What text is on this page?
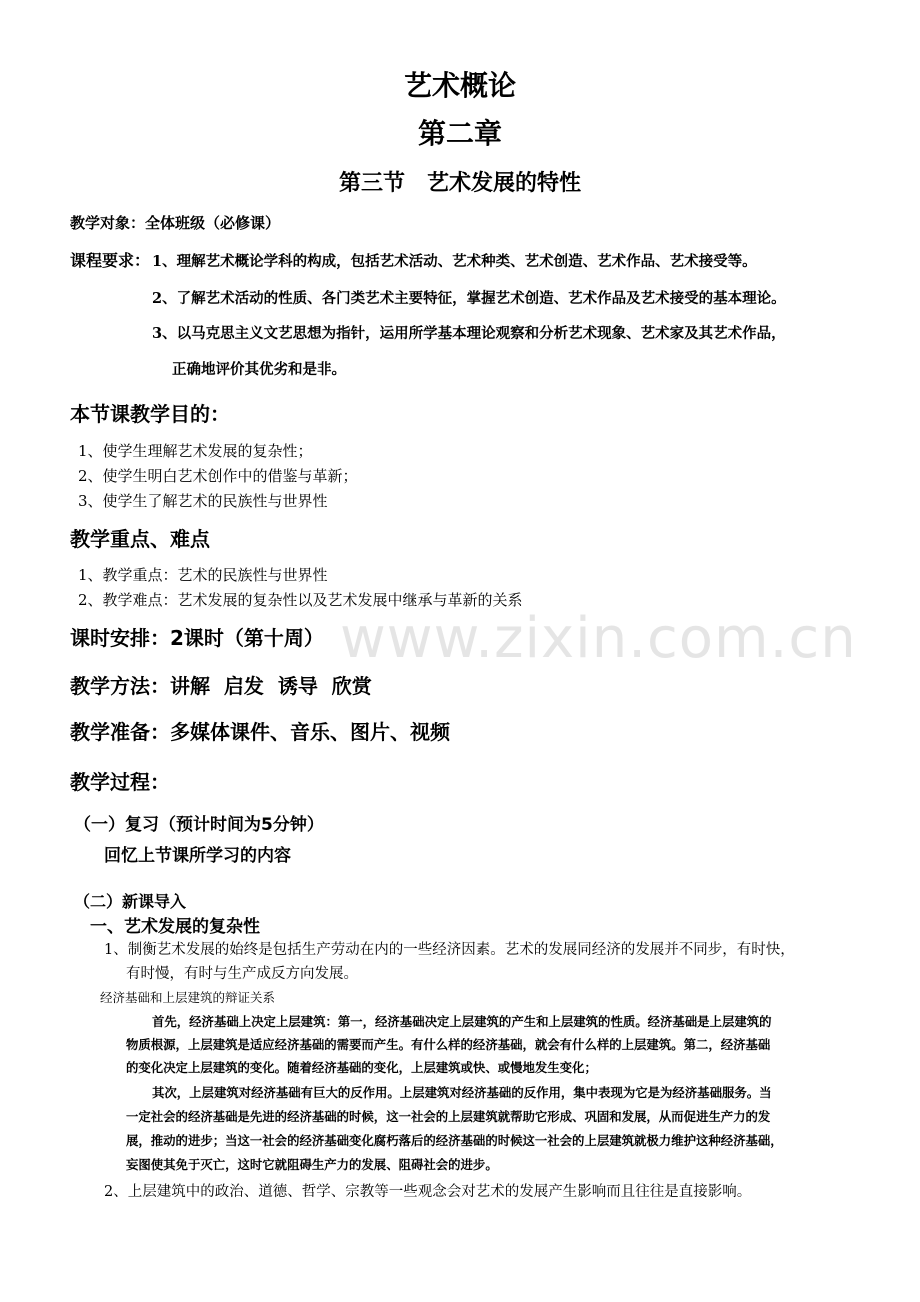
www.zixin.com.cn
艺术概论
第二章
第三节　艺术发展的特性
教学对象：全体班级（必修课）
课程要求： 1、理解艺术概论学科的构成，包括艺术活动、艺术种类、艺术创造、艺术作品、艺术接受等。
2、了解艺术活动的性质、各门类艺术主要特征，掌握艺术创造、艺术作品及艺术接受的基本理论。
3、以马克思主义文艺思想为指针，运用所学基本理论观察和分析艺术现象、艺术家及其艺术作品，
正确地评价其优劣和是非。
本节课教学目的：
1、使学生理解艺术发展的复杂性；
2、使学生明白艺术创作中的借鉴与革新；
3、使学生了解艺术的民族性与世界性
教学重点、难点
1、教学重点：艺术的民族性与世界性
2、教学难点：艺术发展的复杂性以及艺术发展中继承与革新的关系
课时安排：2课时（第十周）
教学方法：讲解  启发  诱导  欣赏
教学准备：多媒体课件、音乐、图片、视频
教学过程：
（一）复习（预计时间为5分钟）
回忆上节课所学习的内容
（二）新课导入
一、艺术发展的复杂性
1、制衡艺术发展的始终是包括生产劳动在内的一些经济因素。艺术的发展同经济的发展并不同步，有时快，
有时慢，有时与生产成反方向发展。
经济基础和上层建筑的辩证关系
首先，经济基础上决定上层建筑：第一，经济基础决定上层建筑的产生和上层建筑的性质。经济基础是上层建筑的
物质根源，上层建筑是适应经济基础的需要而产生。有什么样的经济基础，就会有什么样的上层建筑。第二，经济基础
的变化决定上层建筑的变化。随着经济基础的变化，上层建筑或快、或慢地发生变化；
其次，上层建筑对经济基础有巨大的反作用。上层建筑对经济基础的反作用，集中表现为它是为经济基础服务。当
一定社会的经济基础是先进的经济基础的时候，这一社会的上层建筑就帮助它形成、巩固和发展，从而促进生产力的发
展，推动的进步；当这一社会的经济基础变化腐朽落后的经济基础的时候这一社会的上层建筑就极力维护这种经济基础，
妄图使其免于灭亡，这时它就阻碍生产力的发展、阻碍社会的进步。
2、上层建筑中的政治、道德、哲学、宗教等一些观念会对艺术的发展产生影响而且往往是直接影响。
